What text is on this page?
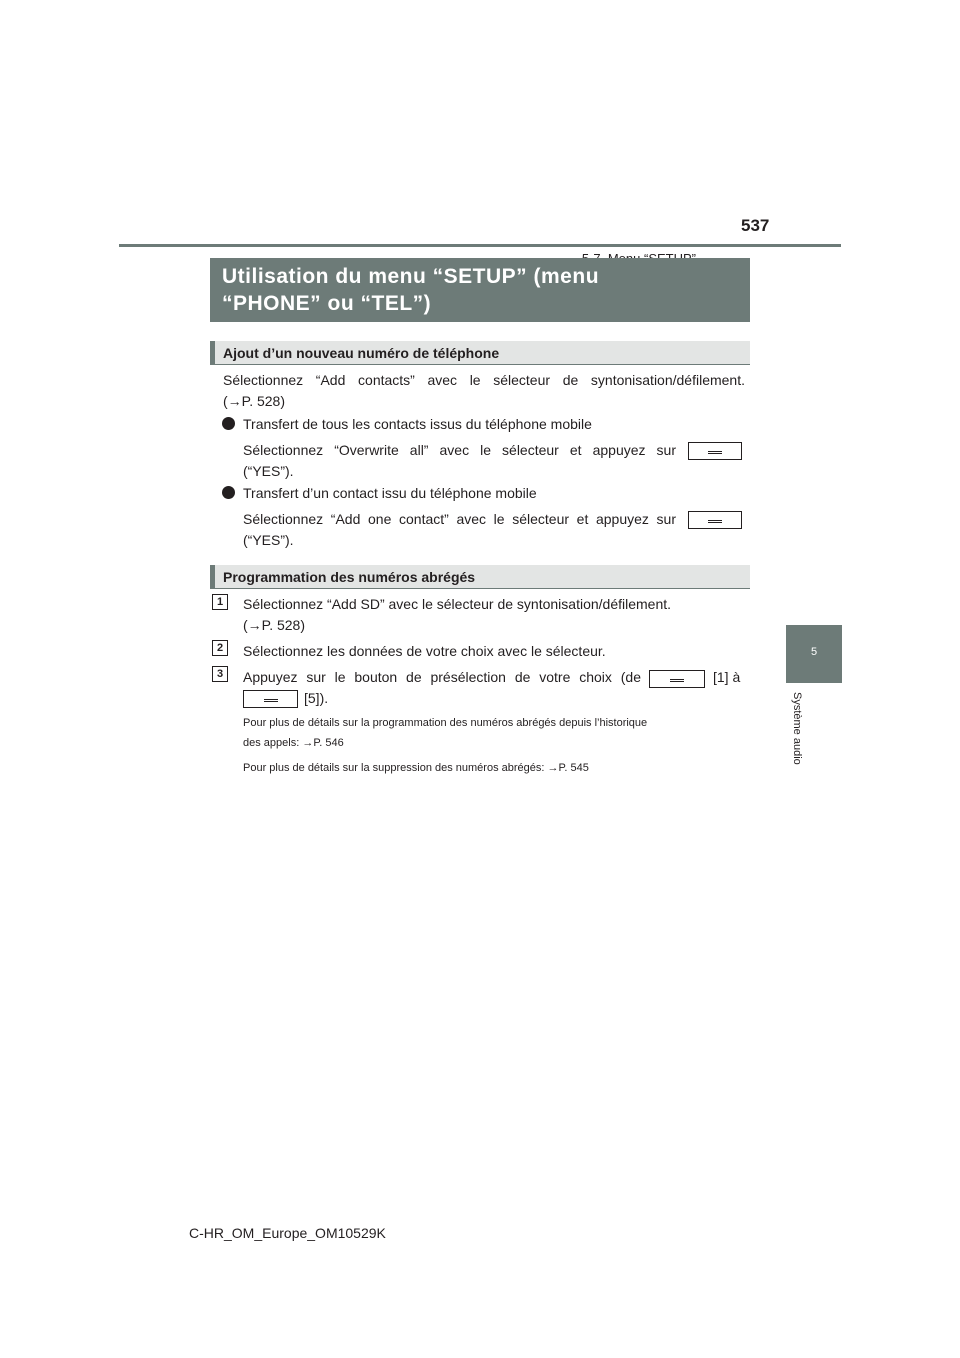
537
5
Système audio
Utilisation du menu “SETUP” (menu
“PHONE” ou “TEL”)
Ajout d’un nouveau numéro de téléphone
Sélectionnez “Add contacts” avec le sélecteur de syntonisation/défilement.
(→P. 528)
Transfert de tous les contacts issus du téléphone mobile
Sélectionnez “Overwrite all” avec le sélecteur et appuyez sur
(“YES”).
Transfert d’un contact issu du téléphone mobile
Sélectionnez “Add one contact” avec le sélecteur et appuyez sur
(“YES”).
Programmation des numéros abrégés
1	Sélectionnez “Add SD” avec le sélecteur de syntonisation/défilement.
(→P. 528)
2	Sélectionnez les données de votre choix avec le sélecteur.
3	Appuyez sur le bouton de présélection de votre choix (de	[1] à
[5]).
Pour plus de détails sur la programmation des numéros abrégés depuis l’historique
des appels: →P. 546
Pour plus de détails sur la suppression des numéros abrégés: →P. 545
C-HR_OM_Europe_OM10529K
